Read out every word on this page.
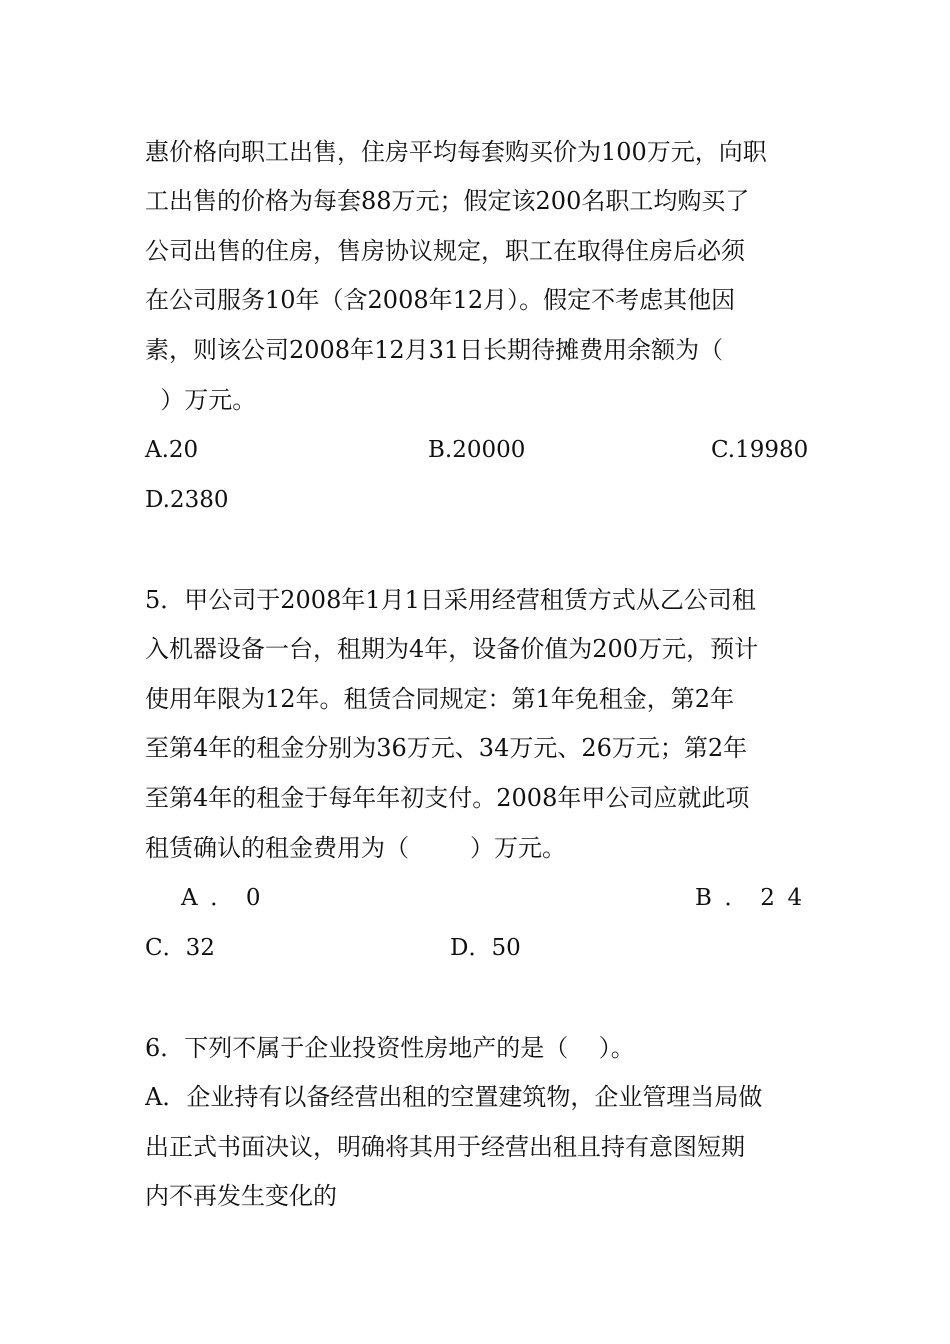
惠价格向职工出售，住房平均每套购买价为100万元，向职
工出售的价格为每套88万元；假定该200名职工均购买了
公司出售的住房，售房协议规定，职工在取得住房后必须
在公司服务10年（含2008年12月）。假定不考虑其他因
素，则该公司2008年12月31日长期待摊费用余额为（
）万元。
A.20	B.20000	C.19980
D.2380
5．甲公司于2008年1月1日采用经营租赁方式从乙公司租
入机器设备一台，租期为4年，设备价值为200万元，预计
使用年限为12年。租赁合同规定：第1年免租金，第2年
至第4年的租金分别为36万元、34万元、26万元；第2年
至第4年的租金于每年年初支付。2008年甲公司应就此项
租赁确认的租金费用为（        ）万元。
A．0	B．24
C．32	D．50
6．下列不属于企业投资性房地产的是（    ）。
A．企业持有以备经营出租的空置建筑物，企业管理当局做
出正式书面决议，明确将其用于经营出租且持有意图短期
内不再发生变化的
